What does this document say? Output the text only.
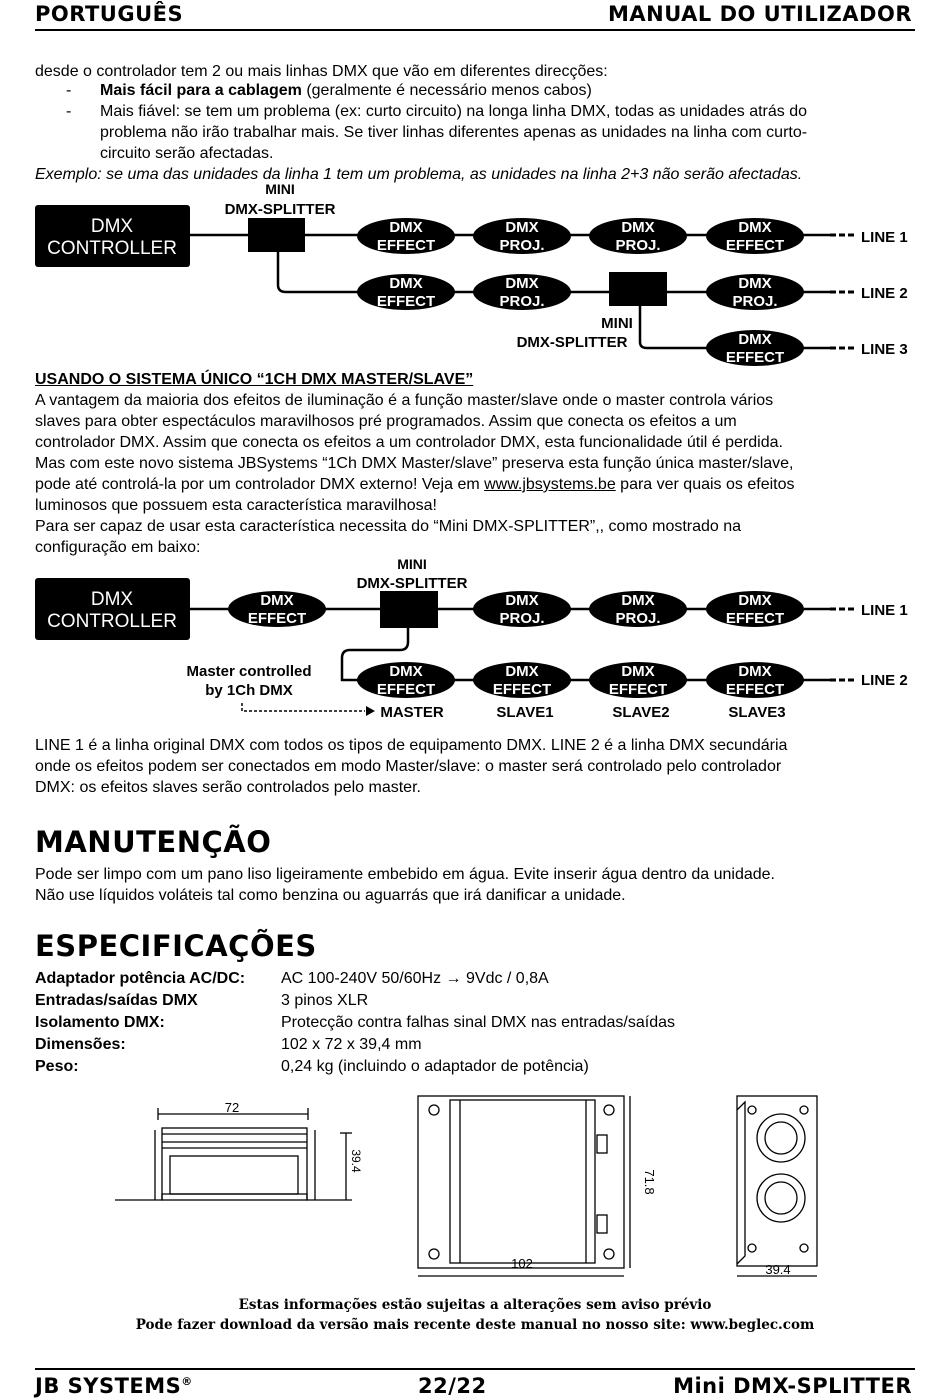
PORTUGUÊS	MANUAL DO UTILIZADOR
desde o controlador tem 2 ou mais linhas DMX que vão em diferentes direcções:
-	Mais fácil para a cablagem (geralmente é necessário menos cabos)
-	Mais fiável: se tem um problema (ex: curto circuito) na longa linha DMX, todas as unidades atrás do
problema não irão trabalhar mais. Se tiver linhas diferentes apenas as unidades na linha com curto-
circuito serão afectadas.
Exemplo: se uma das unidades da linha 1 tem um problema, as unidades na linha 2+3 não serão afectadas.
DMX
CONTROLLER
MINI
DMX-SPLITTER
DMX
EFFECT
DMX
PROJ.
DMX
PROJ.
DMX
EFFECT
DMX
EFFECT
DMX
PROJ.
DMX
PROJ.
MINI
DMX-SPLITTER	DMX
EFFECT
LINE 1
LINE 2
LINE 3
USANDO O SISTEMA ÚNICO “1CH DMX MASTER/SLAVE”
A vantagem da maioria dos efeitos de iluminação é a função master/slave onde o master controla vários
slaves para obter espectáculos maravilhosos pré programados. Assim que conecta os efeitos a um
controlador DMX. Assim que conecta os efeitos a um controlador DMX, esta funcionalidade útil é perdida.
Mas com este novo sistema JBSystems “1Ch DMX Master/slave” preserva esta função única master/slave,
pode até controlá-la por um controlador DMX externo! Veja em www.jbsystems.be para ver quais os efeitos
luminosos que possuem esta característica maravilhosa!
Para ser capaz de usar esta característica necessita do “Mini DMX-SPLITTER”,, como mostrado na
configuração em baixo:
DMX
CONTROLLER
MINI
DMX-SPLITTER
DMX
EFFECT
DMX
PROJ.
DMX
PROJ.
DMX
EFFECT
DMX
EFFECT
DMX
EFFECT
DMX
EFFECT
DMX
EFFECT
LINE 1
LINE 2
Master controlled
by 1Ch DMX
MASTER	SLAVE1	SLAVE2	SLAVE3
LINE 1 é a linha original DMX com todos os tipos de equipamento DMX. LINE 2 é a linha DMX secundária
onde os efeitos podem ser conectados em modo Master/slave: o master será controlado pelo controlador
DMX: os efeitos slaves serão controlados pelo master.
MANUTENÇÃO
Pode ser limpo com um pano liso ligeiramente embebido em água. Evite inserir água dentro da unidade.
Não use líquidos voláteis tal como benzina ou aguarrás que irá danificar a unidade.
ESPECIFICAÇÕES
Adaptador potência AC/DC: AC 100-240V 50/60Hz → 9Vdc / 0,8A
Entradas/saídas DMX	3 pinos XLR
Isolamento DMX:	Protecção contra falhas sinal DMX nas entradas/saídas
Dimensões:	102 x 72 x 39,4 mm
Peso:	0,24 kg (incluindo o adaptador de potência)
72
39.4
102
71.8
39.4
Estas informações estão sujeitas a alterações sem aviso prévio
Pode fazer download da versão mais recente deste manual no nosso site: www.beglec.com
JB SYSTEMS®	22/22	Mini DMX-SPLITTER
